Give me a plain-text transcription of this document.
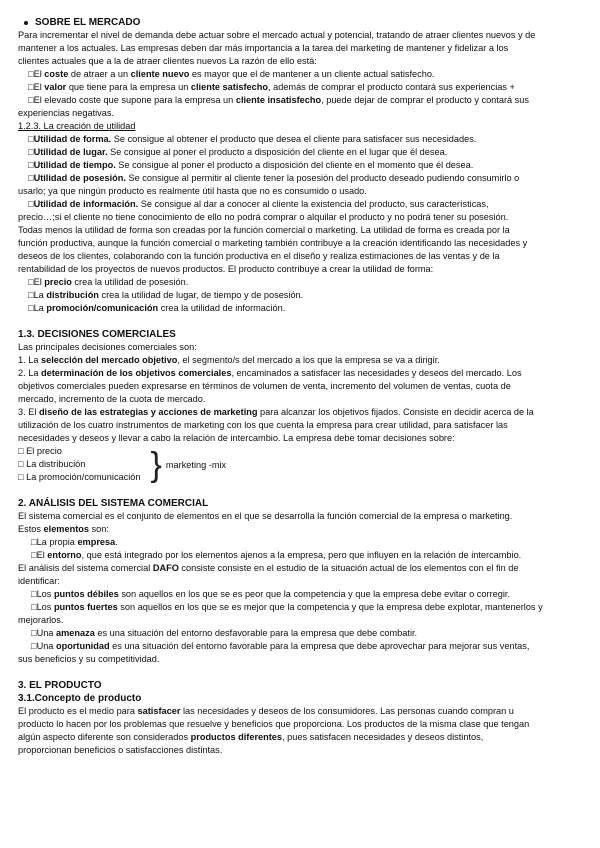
SOBRE EL MERCADO

Para incrementar el nivel de demanda debe actuar sobre el mercado actual y potencial, tratando de atraer clientes nuevos y de

mantener a los actuales. Las empresas deben dar más importancia a la tarea del marketing de mantener y fidelizar a los

clientes actuales que a la de atraer clientes nuevos La razón de ello está:

□El coste de atraer a un cliente nuevo es mayor que el de mantener a un cliente actual satisfecho.

□El valor que tiene para la empresa un cliente satisfecho, además de comprar el producto contará sus experiencias +

□El elevado coste que supone para la empresa un cliente insatisfecho, puede dejar de comprar el producto y contará sus

experiencias negativas.

1.2.3. La creación de utilidad

□Utilidad de forma. Se consigue al obtener el producto que desea el cliente para satisfacer sus necesidades.

□Utilidad de lugar. Se consigue al poner el producto a disposición del cliente en el lugar que él desea.

□Utilidad de tiempo. Se consigue al poner el producto a disposición del cliente en el momento que él desea.

□Utilidad de posesión. Se consigue al permitir al cliente tener la posesión del producto deseado pudiendo consumirlo o

usarlo; ya que ningún producto es realmente útil hasta que no es consumido o usado.

□Utilidad de información. Se consigue al dar a conocer al cliente la existencia del producto, sus características,

precio…;si el cliente no tiene conocimiento de ello no podrá comprar o alquilar el producto y no podrá tener su posesión.

Todas menos la utilidad de forma son creadas por la función comercial o marketing. La utilidad de forma es creada por la

función productiva, aunque la función comercial o marketing también contribuye a la creación identificando las necesidades y

deseos de los clientes, colaborando con la función productiva en el diseño y realiza estimaciones de las ventas y de la

rentabilidad de los proyectos de nuevos productos. El producto contribuye a crear la utilidad de forma:

□El precio crea la utilidad de posesión.

□La distribución crea la utilidad de lugar, de tiempo y de posesión.

□La promoción/comunicación crea la utilidad de información.

1.3. DECISIONES COMERCIALES

Las principales decisiones comerciales son:

1. La selección del mercado objetivo, el segmento/s del mercado a los que la empresa se va a dirigir.

2. La determinación de los objetivos comerciales, encaminados a satisfacer las necesidades y deseos del mercado. Los

objetivos comerciales pueden expresarse en términos de volumen de venta, incremento del volumen de ventas, cuota de

mercado, incremento de la cuota de mercado.

3. El diseño de las estrategias y acciones de marketing para alcanzar los objetivos fijados. Consiste en decidir acerca de la

utilización de los cuatro instrumentos de marketing con los que cuenta la empresa para crear utilidad, para satisfacer las

necesidades y deseos y llevar a cabo la relación de intercambio. La empresa debe tomar decisiones sobre:

□ El precio

□ La distribución

□ La promoción/comunicación } marketing -mix

2. ANÁLISIS DEL SISTEMA COMERCIAL

El sistema comercial es el conjunto de elementos en el que se desarrolla la función comercial de la empresa o marketing.

Estos elementos son:

□La propia empresa.

□El entorno, que está integrado por los elementos ajenos a la empresa, pero que influyen en la relación de intercambio.

El análisis del sistema comercial DAFO consiste consiste en el estudio de la situación actual de los elementos con el fin de

identificar:

□Los puntos débiles son aquellos en los que se es peor que la competencia y que la empresa debe evitar o corregir.

□Los puntos fuertes son aquellos en los que se es mejor que la competencia y que la empresa debe explotar, mantenerlos y

mejorarlos.

□Una amenaza es una situación del entorno desfavorable para la empresa que debe combatir.

□Una oportunidad es una situación del entorno favorable para la empresa que debe aprovechar para mejorar sus ventas,

sus beneficios y su competitividad.

3. EL PRODUCTO

3.1.Concepto de producto

El producto es el medio para satisfacer las necesidades y deseos de los consumidores. Las personas cuando compran u

producto lo hacen por los problemas que resuelve y beneficios que proporciona. Los productos de la misma clase que tengan

algún aspecto diferente son considerados productos diferentes, pues satisfacen necesidades y deseos distintos,

proporcionan beneficios o satisfacciones distintas.
